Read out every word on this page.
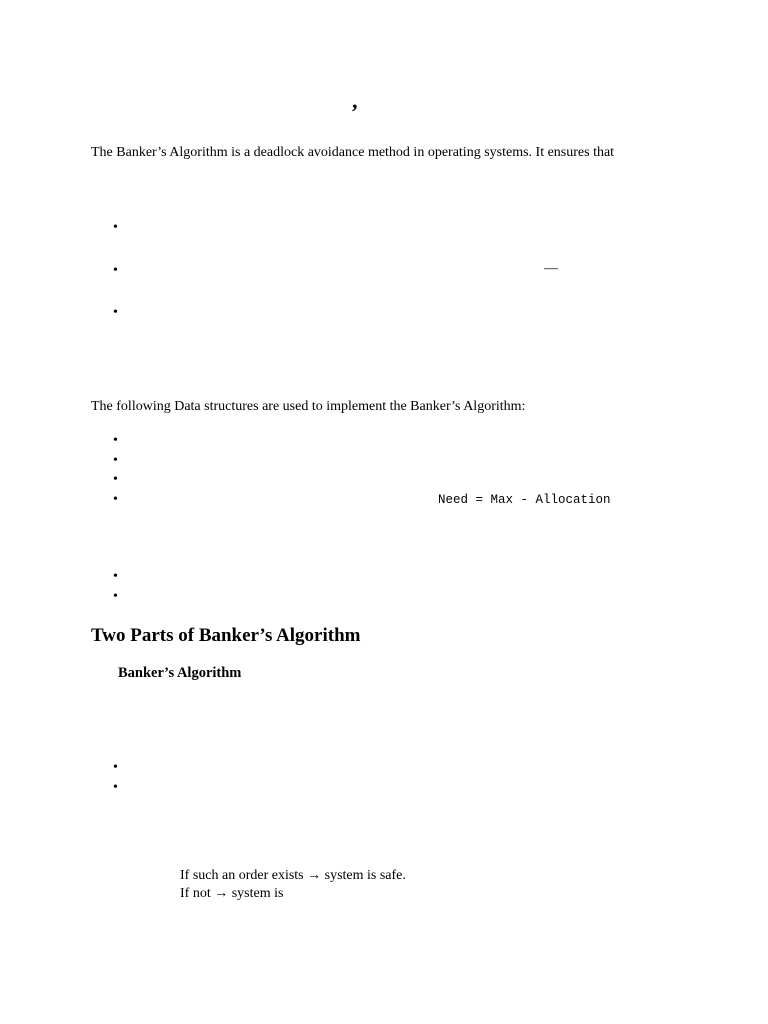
,
The Banker’s Algorithm is a deadlock avoidance method in operating systems. It ensures that
•
•	—
•
The following Data structures are used to implement the Banker’s Algorithm:
•
•
•
•	Need = Max - Allocation
•
•
Two Parts of Banker’s Algorithm
Banker’s Algorithm
•
•
If such an order exists → system is safe.
If not → system is
